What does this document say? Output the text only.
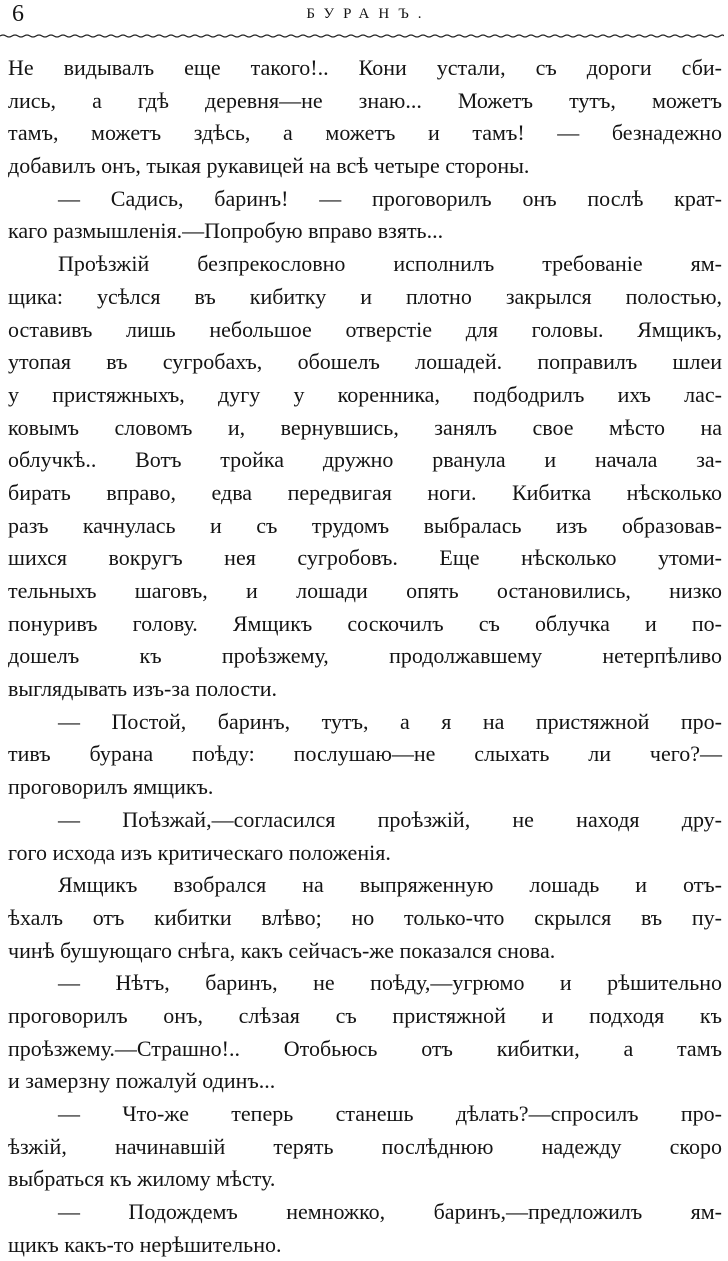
6	БУРАНЪ.
Не видывалъ еще такого!.. Кони устали, съ дороги сби-
лись, а гдѣ деревня—не знаю... Можетъ тутъ, можетъ
тамъ, можетъ здѣсь, а можетъ и тамъ! — безнадежно
добавилъ онъ, тыкая рукавицей на всѣ четыре стороны.
— Садись, баринъ! — проговорилъ онъ послѣ крат-
каго размышленія.—Попробую вправо взять...
Проѣзжій безпрекословно исполнилъ требованіе ям-
щика: усѣлся въ кибитку и плотно закрылся полостью,
оставивъ лишь небольшое отверстіе для головы. Ямщикъ,
утопая въ сугробахъ, обошелъ лошадей. поправилъ шлеи
у пристяжныхъ, дугу у коренника, подбодрилъ ихъ лас-
ковымъ словомъ и, вернувшись, занялъ свое мѣсто на
облучкѣ.. Вотъ тройка дружно рванула и начала за-
бирать вправо, едва передвигая ноги. Кибитка нѣсколько
разъ качнулась и съ трудомъ выбралась изъ образовав-
шихся вокругъ нея сугробовъ. Еще нѣсколько утоми-
тельныхъ шаговъ, и лошади опять остановились, низко
понуривъ голову. Ямщикъ соскочилъ съ облучка и по-
дошелъ къ проѣзжему, продолжавшему нетерпѣливо
выглядывать изъ-за полости.
— Постой, баринъ, тутъ, а я на пристяжной про-
тивъ бурана поѣду: послушаю—не слыхать ли чего?—
проговорилъ ямщикъ.
— Поѣзжай,—согласился проѣзжій, не находя дру-
гого исхода изъ критическаго положенія.
Ямщикъ взобрался на выпряженную лошадь и отъ-
ѣхалъ отъ кибитки влѣво; но только-что скрылся въ пу-
чинѣ бушующаго снѣга, какъ сейчасъ-же показался снова.
— Нѣтъ, баринъ, не поѣду,—угрюмо и рѣшительно
проговорилъ онъ, слѣзая съ пристяжной и подходя къ
проѣзжему.—Страшно!.. Отобьюсь отъ кибитки, а тамъ
и замерзну пожалуй одинъ...
— Что-же теперь станешь дѣлать?—спросилъ про-
ѣзжій, начинавшій терять послѣднюю надежду скоро
выбраться къ жилому мѣсту.
— Подождемъ немножко, баринъ,—предложилъ ям-
щикъ какъ-то нерѣшительно.
